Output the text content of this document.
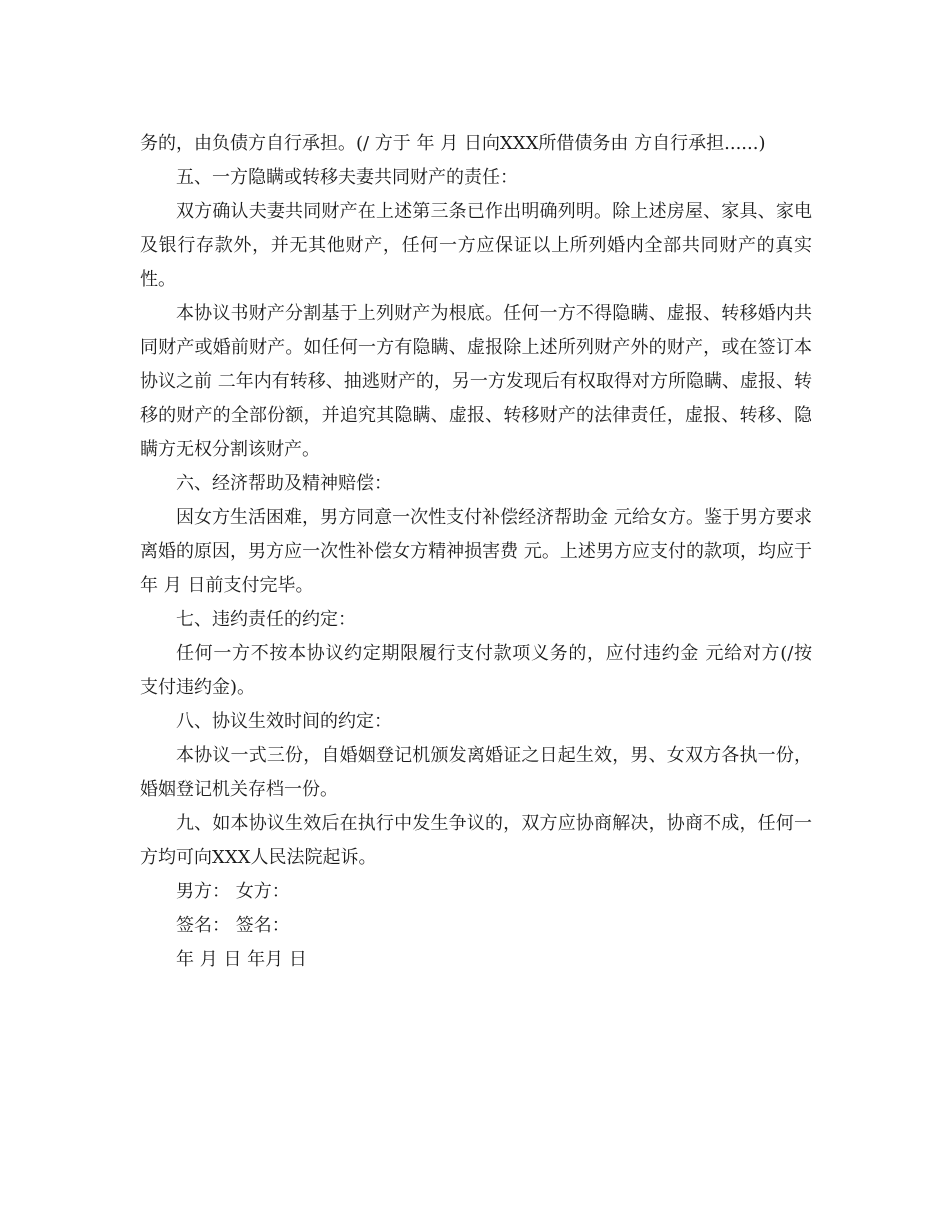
务的，由负债方自行承担。(/ 方于 年 月 日向XXX所借债务由 方自行承担......)

五、一方隐瞒或转移夫妻共同财产的责任：

双方确认夫妻共同财产在上述第三条已作出明确列明。除上述房屋、家具、家电及银行存款外，并无其他财产，任何一方应保证以上所列婚内全部共同财产的真实性。

本协议书财产分割基于上列财产为根底。任何一方不得隐瞒、虚报、转移婚内共同财产或婚前财产。如任何一方有隐瞒、虚报除上述所列财产外的财产，或在签订本协议之前 二年内有转移、抽逃财产的，另一方发现后有权取得对方所隐瞒、虚报、转移的财产的全部份额，并追究其隐瞒、虚报、转移财产的法律责任，虚报、转移、隐瞒方无权分割该财产。

六、经济帮助及精神赔偿：

因女方生活困难，男方同意一次性支付补偿经济帮助金 元给女方。鉴于男方要求离婚的原因，男方应一次性补偿女方精神损害费 元。上述男方应支付的款项，均应于 年 月 日前支付完毕。

七、违约责任的约定：

任何一方不按本协议约定期限履行支付款项义务的，应付违约金 元给对方(/按 支付违约金)。

八、协议生效时间的约定：

本协议一式三份，自婚姻登记机颁发离婚证之日起生效，男、女双方各执一份，婚姻登记机关存档一份。

九、如本协议生效后在执行中发生争议的，双方应协商解决，协商不成，任何一方均可向XXX人民法院起诉。

男方： 女方：

签名： 签名：

年 月 日 年月 日
